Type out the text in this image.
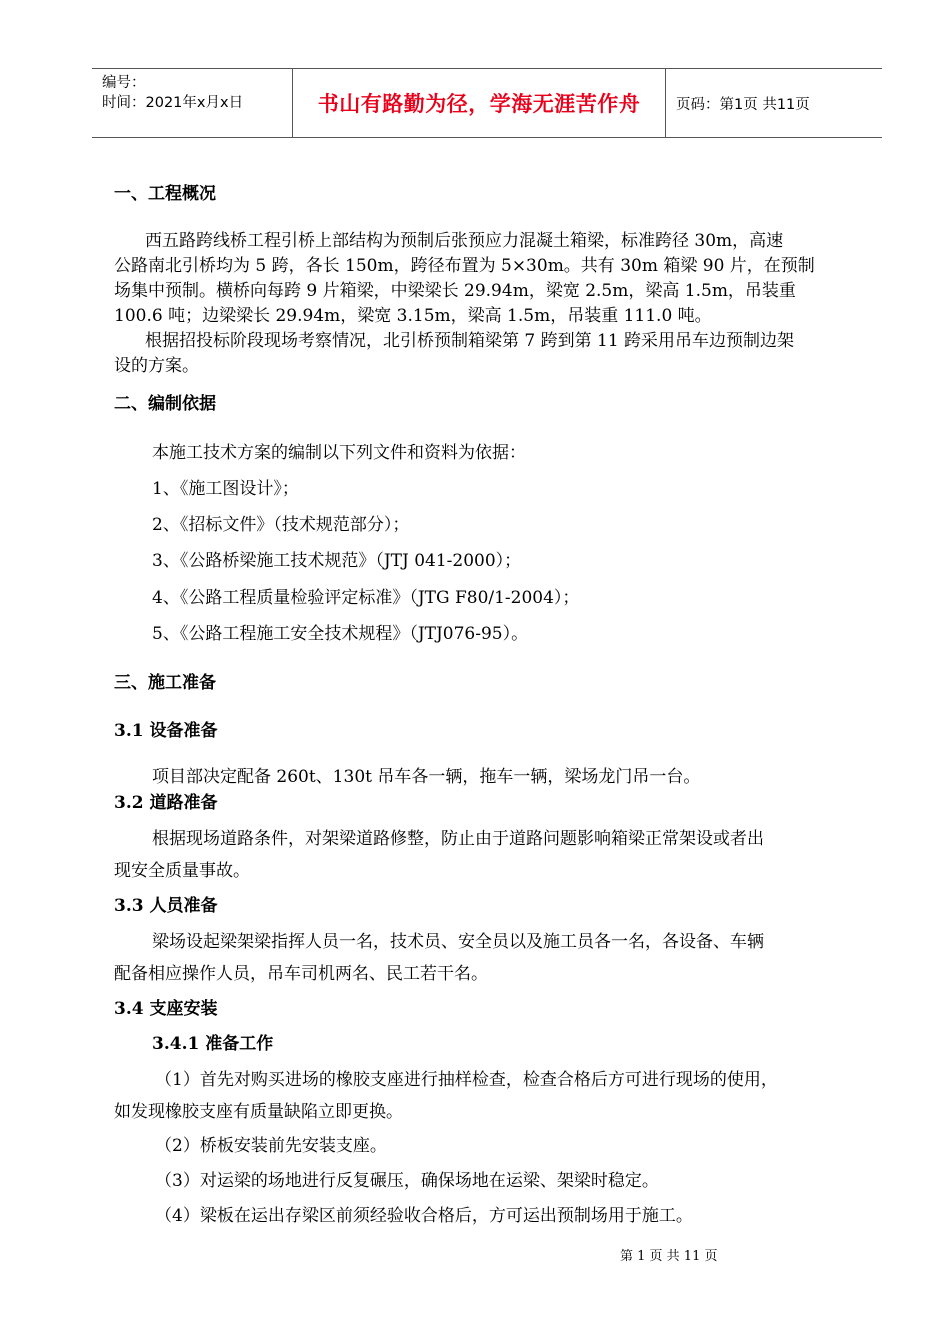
编号：
时间：2021年x月x日	书山有路勤为径，学海无涯苦作舟 页码：第1页 共11页
一、工程概况
西五路跨线桥工程引桥上部结构为预制后张预应力混凝土箱梁，标准跨径 30m，高速
公路南北引桥均为 5 跨，各长 150m，跨径布置为 5×30m。共有 30m 箱梁 90 片，在预制
场集中预制。横桥向每跨 9 片箱梁，中梁梁长 29.94m，梁宽 2.5m，梁高 1.5m，吊装重
100.6 吨；边梁梁长 29.94m，梁宽 3.15m，梁高 1.5m，吊装重 111.0 吨。
根据招投标阶段现场考察情况，北引桥预制箱梁第 7 跨到第 11 跨采用吊车边预制边架
设的方案。
二、编制依据
本施工技术方案的编制以下列文件和资料为依据：
1、《施工图设计》；
2、《招标文件》（技术规范部分）；
3、《公路桥梁施工技术规范》（JTJ 041-2000）；
4、《公路工程质量检验评定标准》（JTG F80/1-2004）；
5、《公路工程施工安全技术规程》（JTJ076-95）。
三、施工准备
3.1 设备准备
项目部决定配备 260t、130t 吊车各一辆，拖车一辆，梁场龙门吊一台。
3.2 道路准备
根据现场道路条件，对架梁道路修整，防止由于道路问题影响箱梁正常架设或者出
现安全质量事故。
3.3 人员准备
梁场设起梁架梁指挥人员一名，技术员、安全员以及施工员各一名，各设备、车辆
配备相应操作人员，吊车司机两名、民工若干名。
3.4 支座安装
3.4.1 准备工作
（1）首先对购买进场的橡胶支座进行抽样检查，检查合格后方可进行现场的使用，
如发现橡胶支座有质量缺陷立即更换。
（2）桥板安装前先安装支座。
（3）对运梁的场地进行反复碾压，确保场地在运梁、架梁时稳定。
（4）梁板在运出存梁区前须经验收合格后，方可运出预制场用于施工。
第 1 页 共 11 页
